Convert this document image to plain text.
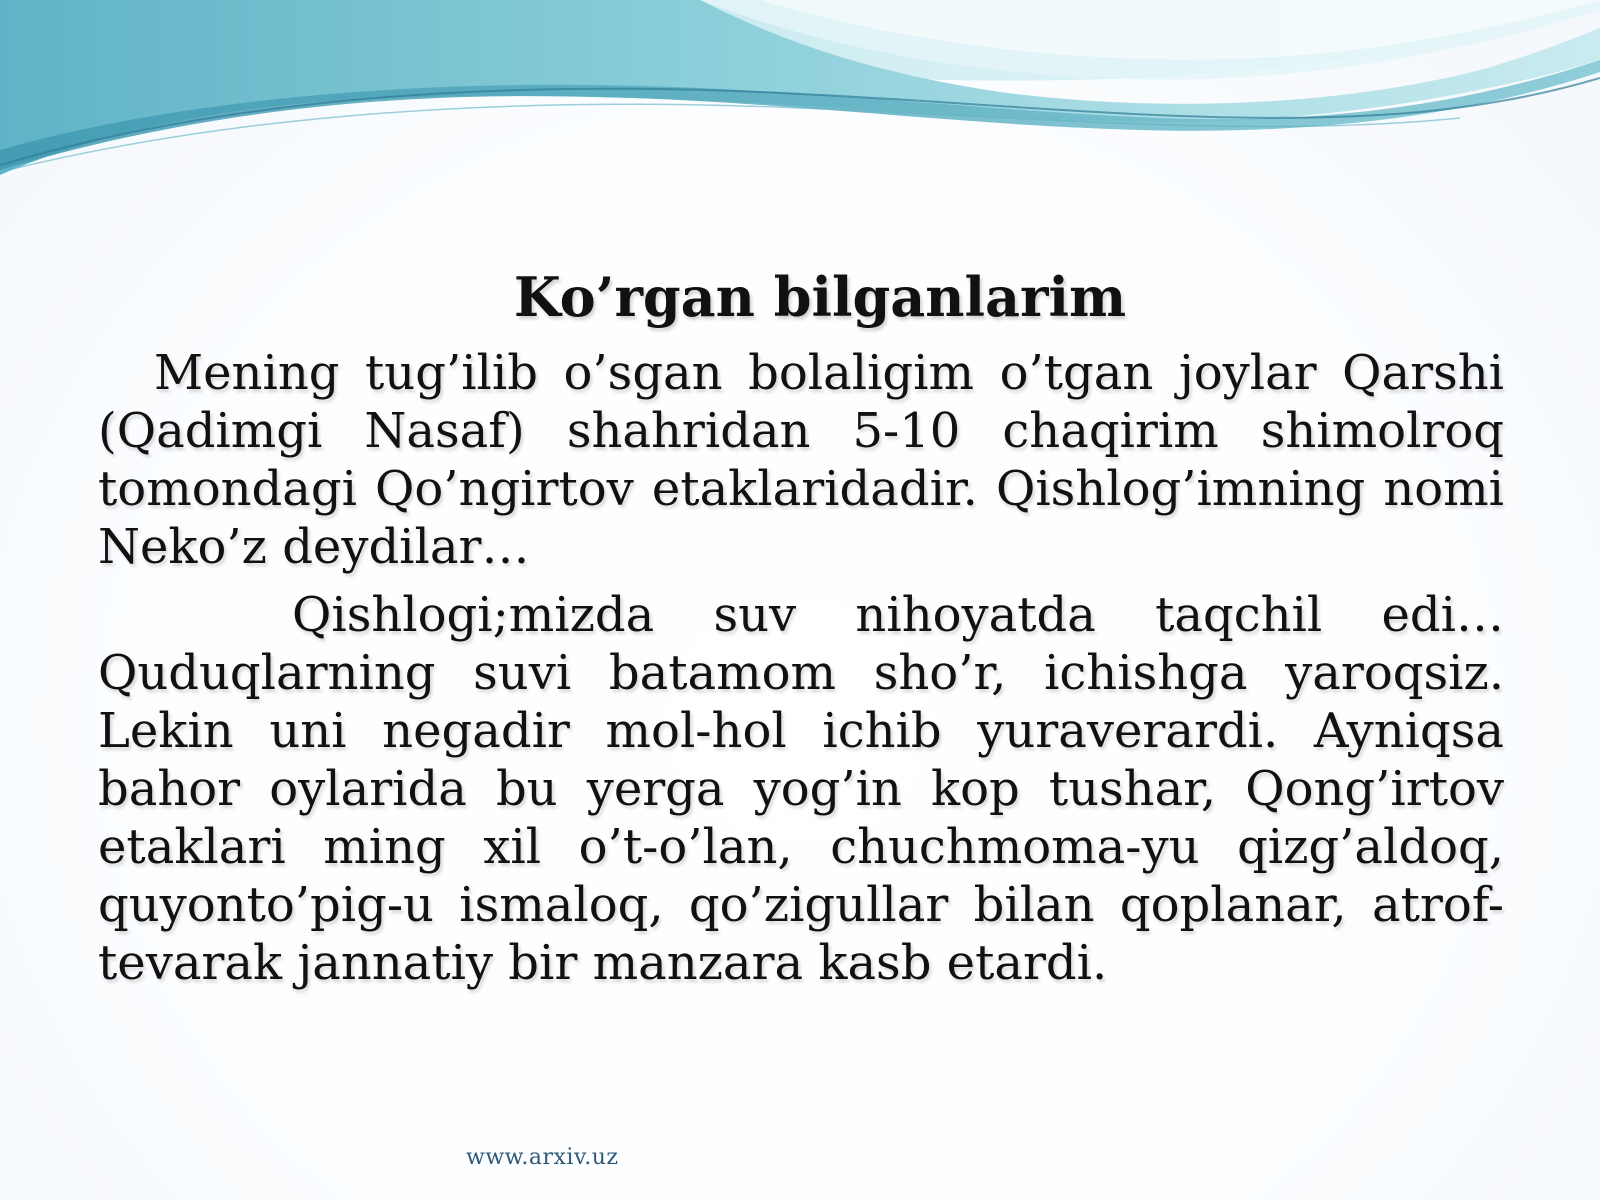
Ko’rgan bilganlarim

Mening tug’ilib o’sgan bolaligim o’tgan joylar Qarshi (Qadimgi Nasaf) shahridan 5-10 chaqirim shimolroq tomondagi Qo’ngirtov etaklaridadir. Qishlog’imning nomi Neko’z deydilar…

Qishlogi;mizda suv nihoyatda taqchil edi… Quduqlarning suvi batamom sho’r, ichishga yaroqsiz. Lekin uni negadir mol-hol ichib yuraverardi. Ayniqsa bahor oylarida bu yerga yog’in kop tushar, Qong’irtov etaklari ming xil o’t-o’lan, chuchmoma-yu qizg’aldoq, quyonto’pig-u ismaloq, qo’zigullar bilan qoplanar, atrof-tevarak jannatiy bir manzara kasb etardi.

www.arxiv.uz
